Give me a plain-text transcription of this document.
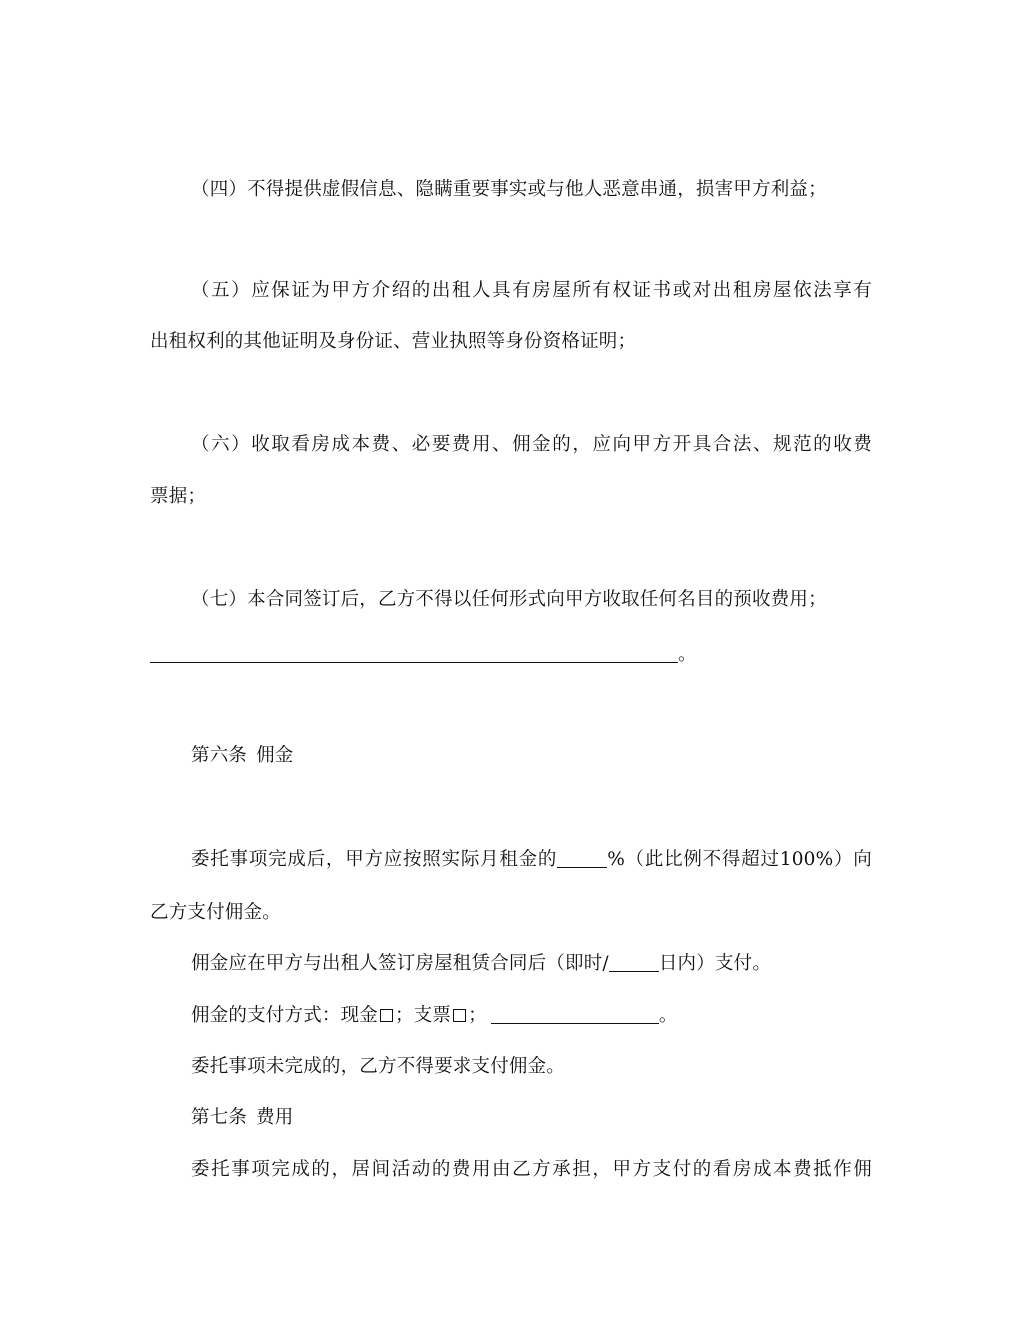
（四）不得提供虚假信息、隐瞒重要事实或与他人恶意串通，损害甲方利益；
（五）应保证为甲方介绍的出租人具有房屋所有权证书或对出租房屋依法享有
出租权利的其他证明及身份证、营业执照等身份资格证明；
（六）收取看房成本费、必要费用、佣金的，应向甲方开具合法、规范的收费
票据；
（七）本合同签订后，乙方不得以任何形式向甲方收取任何名目的预收费用；
。
第六条 佣金
委托事项完成后，甲方应按照实际月租金的	%（此比例不得超过100%）向
乙方支付佣金。
佣金应在甲方与出租人签订房屋租赁合同后（即时/	日内）支付。
佣金的支付方式：现金 ；支票 ；	。
委托事项未完成的，乙方不得要求支付佣金。
第七条 费用
委托事项完成的，居间活动的费用由乙方承担，甲方支付的看房成本费抵作佣
